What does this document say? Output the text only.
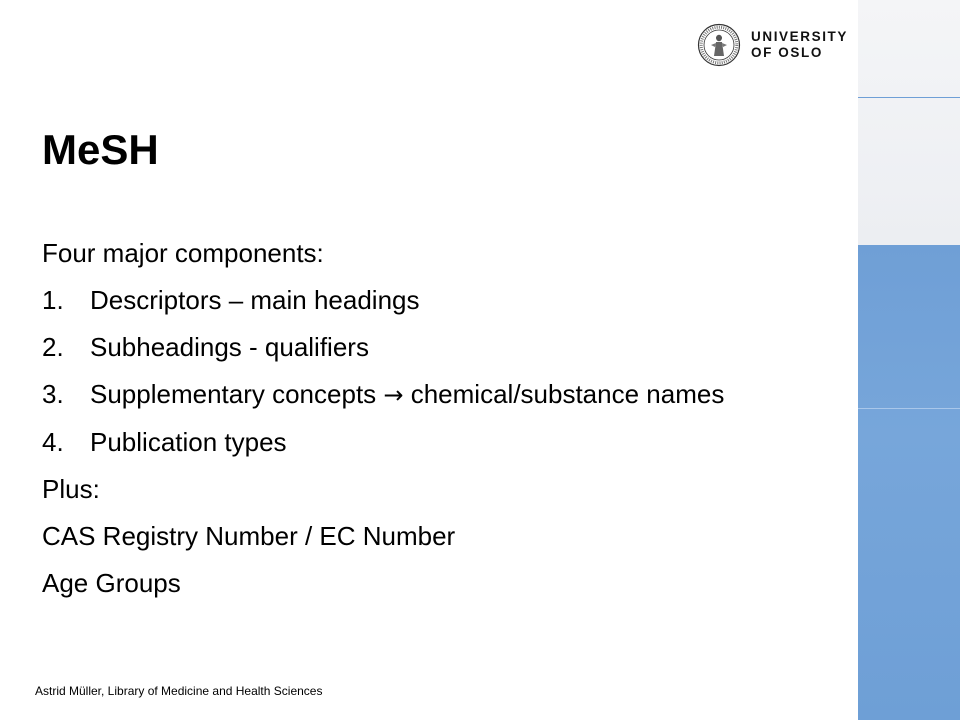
UNIVERSITY
OF OSLO
MeSH

Four major components:

1.	Descriptors – main headings
2.	Subheadings - qualifiers
3.	Supplementary concepts → chemical/substance names
4.	Publication types

Plus:

CAS Registry Number / EC Number

Age Groups

Astrid Müller, Library of Medicine and Health Sciences
